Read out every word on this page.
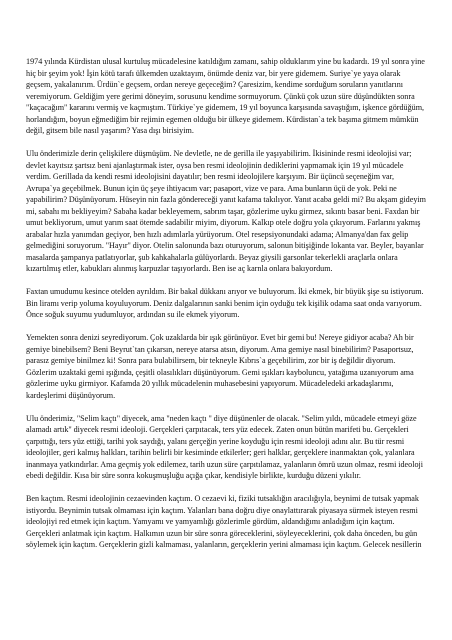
1974 yılında Kürdistan ulusal kurtuluş mücadelesine katıldığım zamanı, sahip olduklarım yine bu kadardı. 19 yıl sonra yine hiç bir şeyim yok! İşin kötü tarafı ülkemden uzaktayım, önümde deniz var, bir yere gidemem. Suriye`ye yaya olarak geçsem, yakalanırım. Ürdün`e geçsem, ordan nereye geçeceğim? Çaresizim, kendime sorduğum soruların yanıtlarını veremiyorum. Geldiğim yere gerimi döneyim, sorusunu kendime sormuyorum. Çünkü çok uzun süre düşündükten sonra "kaçacağım" kararını vermiş ve kaçmıştım. Türkiye`ye gidemem, 19 yıl boyunca karşısında savaştığım, işkence gördüğüm, horlandığım, boyun eğmediğim bir rejimin egemen olduğu bir ülkeye gidemem. Kürdistan`a tek başıma gitmem mümkün değil, gitsem bile nasıl yaşarım? Yasa dışı birisiyim.

Ulu önderimizle derin çelişkilere düşmüşüm. Ne devletle, ne de gerilla ile yaşıyabilirim. İkisininde resmi ideolojisi var; devlet kayıtsız şartsız beni ajanlaştırmak ister, oysa ben resmi ideolojinin dediklerini yapmamak için 19 yıl mücadele verdim. Gerillada da kendi resmi ideolojisini dayatılır; ben resmi ideolojilere karşıyım. Bir üçüncü seçeneğim var, Avrupa`ya geçebilmek. Bunun için üç şeye ihtiyacım var; pasaport, vize ve para. Ama bunların üçü de yok. Peki ne yapabilirim? Düşünüyorum. Hüseyin nin fazla göndereceği yanıt kafama takılıyor. Yanıt acaba geldi mi? Bu akşam gideyim mi, sabahı mı bekliyeyim? Sabaha kadar bekleyemem, sabrım taşar, gözlerime uyku girmez, sıkıntı basar beni. Faxdan bir umut bekliyorum, umut yarım saat ötemde sadabilir miyim, diyorum. Kalkıp otele doğru yola çıkıyorum. Farlarını yakmış arabalar hızla yanımdan geçiyor, ben hızlı adımlarla yürüyorum. Otel resepsiyonundaki adama; Almanya'dan fax gelip gelmediğini soruyorum. "Hayır" diyor. Otelin salonunda bazı oturuyorum, salonun bitişiğinde lokanta var. Beyler, bayanlar masalarda şampanya patlatıyorlar, şub kahkahalarla gülüyorlardı. Beyaz giysili garsonlar tekerlekli araçlarla onlara kızartılmış etler, kabukları alınmış karpuzlar taşıyorlardı. Ben ise aç karnla onlara bakıyordum.

Faxtan umudumu kesince otelden ayrıldım. Bir bakal dükkanı arıyor ve buluyorum. İki ekmek, bir büyük şişe su istiyorum. Bin liramı verip yoluma koyuluyorum. Deniz dalgalarının sanki benim için oyduğu tek kişilik odama saat onda varıyorum. Önce soğuk suyumu yudumluyor, ardından su ile ekmek yiyorum.

Yemekten sonra denizi seyrediyorum. Çok uzaklarda bir ışık görünüyor. Evet bir gemi bu! Nereye gidiyor acaba? Ah bir gemiye binebilsem? Beni Beyrut`tan çıkarsın, nereye atarsa atsın, diyorum. Ama gemiye nasıl binebilirim? Pasaportsuz, parasız gemiye binilmez ki! Sonra para bulabilirsem, bir tekneyle Kıbrıs`a geçebilirim, zor bir iş değildir diyorum. Gözlerim uzaktaki gemi ışığında, çeşitli olasılıkları düşünüyorum. Gemi ışıkları kayboluncu, yatağıma uzanıyorum ama gözlerime uyku girmiyor. Kafamda 20 yıllık mücadelenin muhasebesini yapıyorum. Mücadeledeki arkadaşlarımı, kardeşlerimi düşünüyorum.

Ulu önderimiz, "Selim kaçtı" diyecek, ama "neden kaçtı " diye düşünenler de olacak. "Selim yıldı, mücadele etmeyi göze alamadı artık" diyecek resmi ideoloji. Gerçekleri çarpıtacak, ters yüz edecek. Zaten onun bütün marifeti bu. Gerçekleri çarpıttığı, ters yüz ettiği, tarihi yok saydığı, yalanı gerçeğin yerine koyduğu için resmi ideoloji adını alır. Bu tür resmi ideolojiler, geri kalmış halkları, tarihin belirli bir kesiminde etkilerler; geri halklar, gerçeklere inanmaktan çok, yalanlara inanmaya yatkındırlar. Ama geçmiş yok edilemez, tarih uzun süre çarpıtılamaz, yalanların ömrü uzun olmaz, resmi ideoloji ebedi değildir. Kısa bir süre sonra kokuşmuşluğu açığa çıkar, kendisiyle birlikte, kurduğu düzeni yıkılır.

Ben kaçtım. Resmi ideolojinin cezaevinden kaçtım. O cezaevi ki, fiziki tutsaklığın aracılığıyla, beynimi de tutsak yapmak istiyordu. Beynimin tutsak olmaması için kaçtım. Yalanları bana doğru diye onaylattırarak piyasaya sürmek isteyen resmi ideolojiyi red etmek için kaçtım. Yamyamı ve yamyamlığı gözlerimle gördüm, aldandığımı anladığım için kaçtım. Gerçekleri anlatmak için kaçtım. Halkımın uzun bir süre sonra göreceklerini, söyleyeceklerini, çok daha önceden, bu gün söylemek için kaçtım. Gerçeklerin gizli kalmaması, yalanların, gerçeklerin yerini almaması için kaçtım. Gelecek nesillerin
